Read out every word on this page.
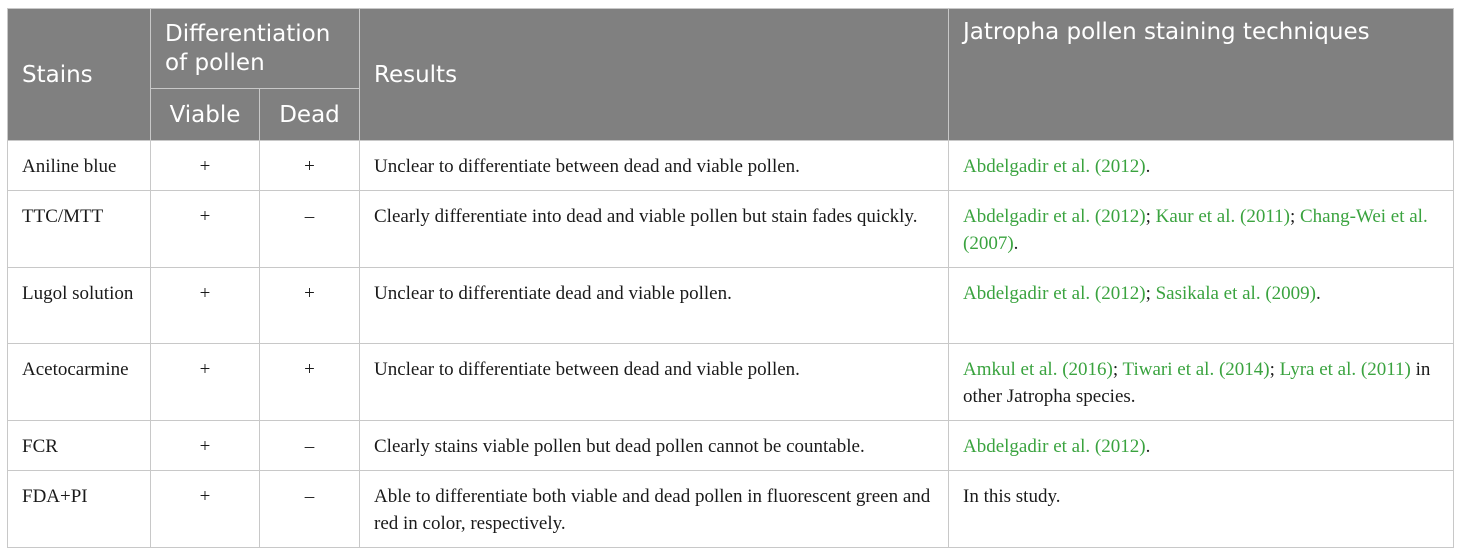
Stains	Differentiation of pollen		Results	Jatropha pollen staining techniques
	Viable	Dead		
Aniline blue	+	+	Unclear to differentiate between dead and viable pollen.	Abdelgadir et al. (2012).
TTC/MTT	+	–	Clearly differentiate into dead and viable pollen but stain fades quickly.	Abdelgadir et al. (2012); Kaur et al. (2011); Chang-Wei et al. (2007).
Lugol solution	+	+	Unclear to differentiate dead and viable pollen.	Abdelgadir et al. (2012); Sasikala et al. (2009).
Acetocarmine	+	+	Unclear to differentiate between dead and viable pollen.	Amkul et al. (2016); Tiwari et al. (2014); Lyra et al. (2011) in other Jatropha species.
FCR	+	–	Clearly stains viable pollen but dead pollen cannot be countable.	Abdelgadir et al. (2012).
FDA+PI	+	–	Able to differentiate both viable and dead pollen in fluorescent green and red in color, respectively.	In this study.
